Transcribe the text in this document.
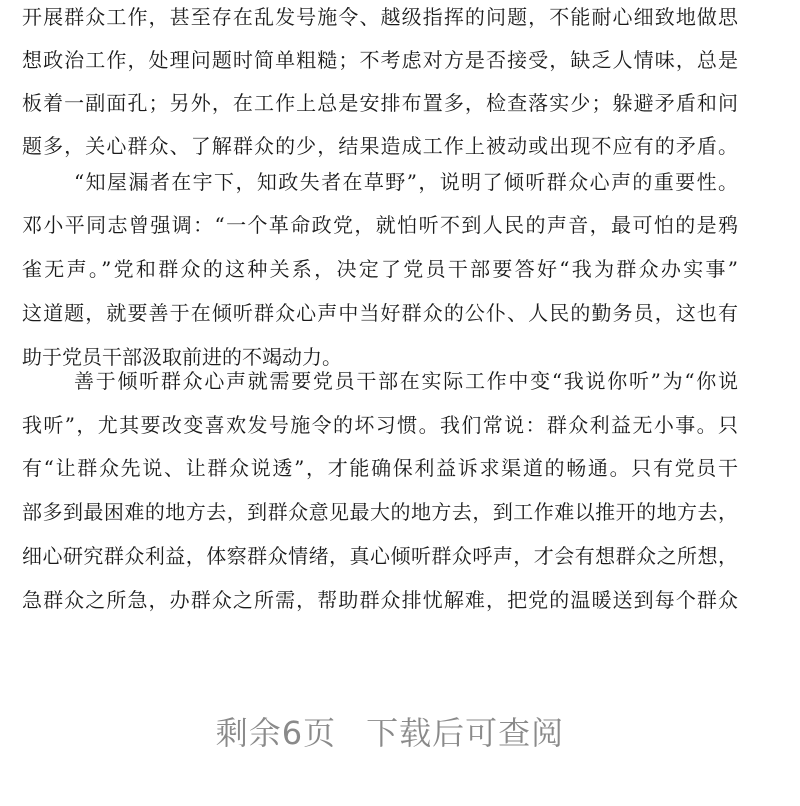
开展群众工作，甚至存在乱发号施令、越级指挥的问题，不能耐心细致地做思
想政治工作，处理问题时简单粗糙；不考虑对方是否接受，缺乏人情味，总是
板着一副面孔；另外，在工作上总是安排布置多，检查落实少；躲避矛盾和问
题多，关心群众、了解群众的少，结果造成工作上被动或出现不应有的矛盾。
“知屋漏者在宇下，知政失者在草野”，说明了倾听群众心声的重要性。
邓小平同志曾强调：“一个革命政党，就怕听不到人民的声音，最可怕的是鸦
雀无声。”党和群众的这种关系，决定了党员干部要答好“我为群众办实事”
这道题，就要善于在倾听群众心声中当好群众的公仆、人民的勤务员，这也有
助于党员干部汲取前进的不竭动力。
善于倾听群众心声就需要党员干部在实际工作中变“我说你听”为“你说
我听”，尤其要改变喜欢发号施令的坏习惯。我们常说：群众利益无小事。只
有“让群众先说、让群众说透”，才能确保利益诉求渠道的畅通。只有党员干
部多到最困难的地方去，到群众意见最大的地方去，到工作难以推开的地方去，
细心研究群众利益，体察群众情绪，真心倾听群众呼声，才会有想群众之所想，
急群众之所急，办群众之所需，帮助群众排忧解难，把党的温暖送到每个群众
剩余6页 下载后可查阅
